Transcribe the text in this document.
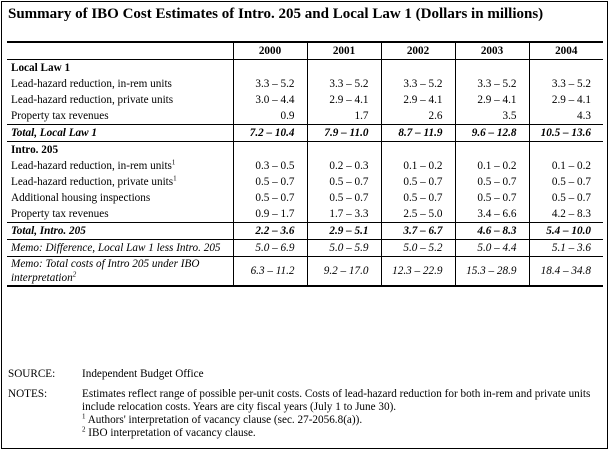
Summary of IBO Cost Estimates of Intro. 205 and Local Law 1 (Dollars in millions)
	2000	2001	2002	2003	2004
Local Law 1					
Lead-hazard reduction, in-rem units	3.3 – 5.2	3.3 – 5.2	3.3 – 5.2	3.3 – 5.2	3.3 – 5.2
Lead-hazard reduction, private units	3.0 – 4.4	2.9 – 4.1	2.9 – 4.1	2.9 – 4.1	2.9 – 4.1
Property tax revenues	0.9	1.7	2.6	3.5	4.3
Total, Local Law 1	7.2 – 10.4	7.9 – 11.0	8.7 – 11.9	9.6 – 12.8	10.5 – 13.6
Intro. 205					
Lead-hazard reduction, in-rem units$^1$	0.3 – 0.5	0.2 – 0.3	0.1 – 0.2	0.1 – 0.2	0.1 – 0.2
Lead-hazard reduction, private units$^1$	0.5 – 0.7	0.5 – 0.7	0.5 – 0.7	0.5 – 0.7	0.5 – 0.7
Additional housing inspections	0.5 – 0.7	0.5 – 0.7	0.5 – 0.7	0.5 – 0.7	0.5 – 0.7
Property tax revenues	0.9 – 1.7	1.7 – 3.3	2.5 – 5.0	3.4 – 6.6	4.2 – 8.3
Total, Intro. 205	2.2 – 3.6	2.9 – 5.1	3.7 – 6.7	4.6 – 8.3	5.4 – 10.0
Memo: Difference, Local Law 1 less Intro. 205	5.0 – 6.9	5.0 – 5.9	5.0 – 5.2	5.0 – 4.4	5.1 – 3.6
Memo: Total costs of Intro 205 under IBO interpretation$^2$	6.3 – 11.2	9.2 – 17.0	12.3 – 22.9	15.3 – 28.9	18.4 – 34.8
SOURCE:	Independent Budget Office
NOTES:	Estimates reflect range of possible per-unit costs. Costs of lead-hazard reduction for both in-rem and private units include relocation costs. Years are city fiscal years (July 1 to June 30).
$^1$ Authors' interpretation of vacancy clause (sec. 27-2056.8(a)).
$^2$ IBO interpretation of vacancy clause.
